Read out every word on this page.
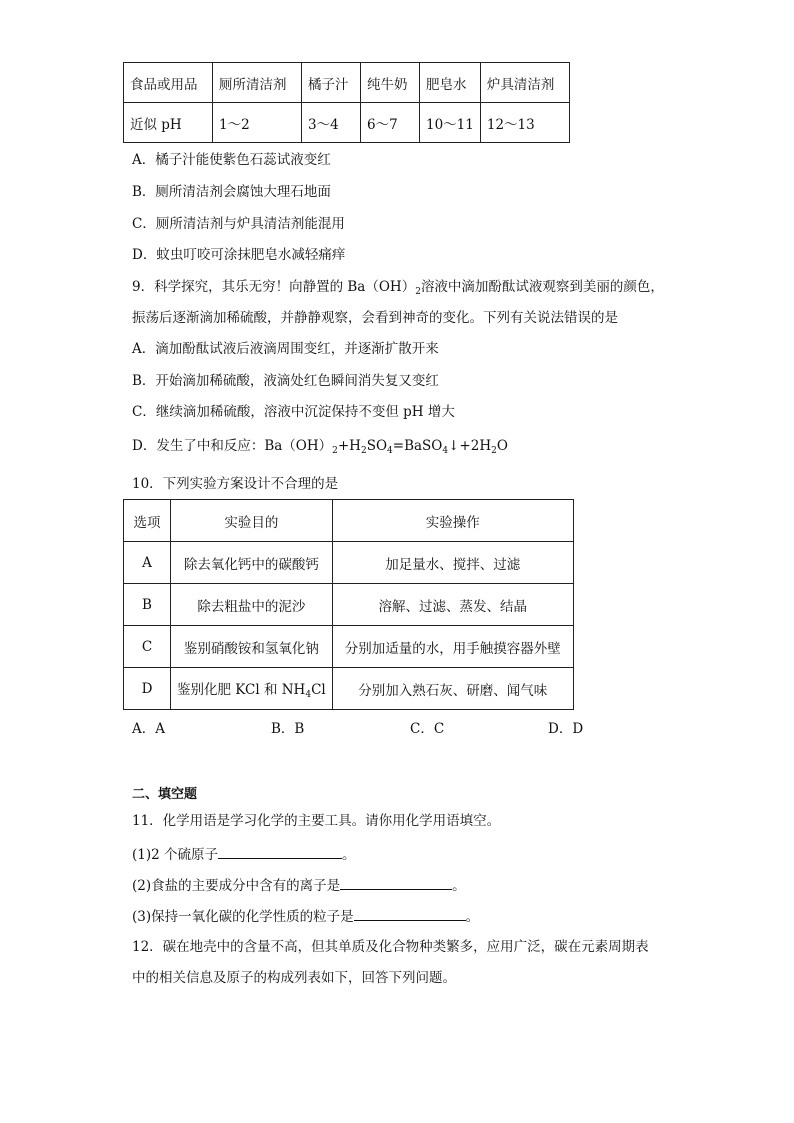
食品或用品	厕所清洁剂	橘子汁	纯牛奶	肥皂水	炉具清洁剂
近似 pH	1～2	3～4	6～7	10～11	12～13
A．橘子汁能使紫色石蕊试液变红
B．厕所清洁剂会腐蚀大理石地面
C．厕所清洁剂与炉具清洁剂能混用
D．蚊虫叮咬可涂抹肥皂水减轻痛痒
9．科学探究，其乐无穷！向静置的 $Ba(OH)_2$溶液中滴加酚酞试液观察到美丽的颜色，
振荡后逐渐滴加稀硫酸，并静静观察，会看到神奇的变化。下列有关说法错误的是
A．滴加酚酞试液后液滴周围变红，并逐渐扩散开来
B．开始滴加稀硫酸，液滴处红色瞬间消失复又变红
C．继续滴加稀硫酸，溶液中沉淀保持不变但 pH 增大
D．发生了中和反应：$Ba(OH)_2+H_2SO_4=BaSO_4↓+2H_2O$
10．下列实验方案设计不合理的是
选项	实验目的	实验操作
A	除去氧化钙中的碳酸钙	加足量水、搅拌、过滤
B	除去粗盐中的泥沙	溶解、过滤、蒸发、结晶
C	鉴别硝酸铵和氢氧化钠	分别加适量的水，用手触摸容器外壁
D	鉴别化肥 KCl 和 $NH_4Cl$	分别加入熟石灰、研磨、闻气味
A．A	B．B	C．C	D．D
二、填空题
11．化学用语是学习化学的主要工具。请你用化学用语填空。
(1)2 个硫原子	。
(2)食盐的主要成分中含有的离子是	。
(3)保持一氧化碳的化学性质的粒子是	。
12．碳在地壳中的含量不高，但其单质及化合物种类繁多，应用广泛，碳在元素周期表
中的相关信息及原子的构成列表如下，回答下列问题。
